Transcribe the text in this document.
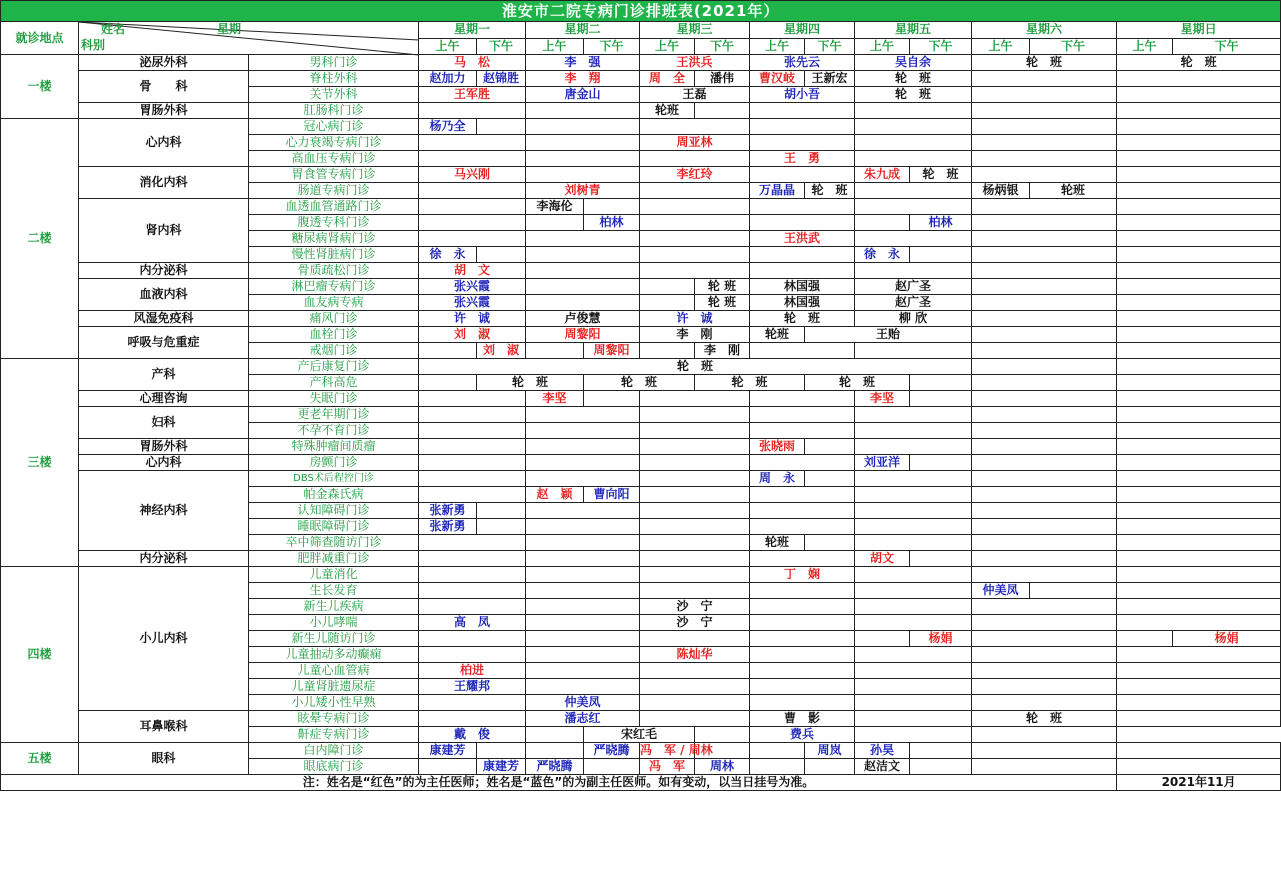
淮安市二院专病门诊排班表(2021年）																
就诊地点	姓名 星期
科别		星期一		星期二		星期三		星期四		星期五		星期六		星期日	
			上午	下午	上午	下午	上午	下午	上午	下午	上午	下午	上午	下午	上午	下午
一楼	泌尿外科	男科门诊	马　松		李　强		王洪兵		张先云		吴自余		轮　班		轮　班	
	骨　　科	脊柱外科	赵加力	赵锦胜	李　翔		周　全	潘伟	曹汉岐	王新宏	轮　班					
		关节外科	王军胜		唐金山		王磊		胡小吾		轮　班					
	胃肠外科	肛肠科门诊					轮班									
二楼	心内科	冠心病门诊	杨乃全													
		心力衰竭专病门诊					周亚林									
		高血压专病门诊							王　勇							
	消化内科	胃食管专病门诊	马兴刚				李红玲				朱九成	轮　班				
		肠道专病门诊			刘树青				万晶晶	轮　班			杨炳银	轮班		
	肾内科	血透血管通路门诊			李海伦											
		腹透专科门诊				柏林						柏林				
		糖尿病肾病门诊							王洪武							
		慢性肾脏病门诊	徐　永								徐　永					
	内分泌科	骨质疏松门诊	胡　文													
	血液内科	淋巴瘤专病门诊	张兴霞					轮 班	林国强		赵广圣					
		血友病专病	张兴霞					轮 班	林国强		赵广圣					
	风湿免疫科	痛风门诊	许　诚		卢俊慧		许　诚		轮　班		柳 欣					
	呼吸与危重症	血栓门诊	刘　淑		周黎阳		李　刚		轮班	王贻						
		戒烟门诊		刘　淑		周黎阳		李　刚								
三楼	产科	产后康复门诊	轮　班													
		产科高危		轮　班		轮　班		轮　班		轮　班						
	心理咨询	失眠门诊			李坚						李坚					
	妇科	更老年期门诊														
		不孕不育门诊														
	胃肠外科	特殊肿瘤间质瘤							张晓雨							
	心内科	房颤门诊									刘亚洋					
	神经内科	DBS术后程控门诊							周　永							
		帕金森氏病			赵　颖	曹向阳										
		认知障碍门诊	张新勇													
		睡眠障碍门诊	张新勇													
		卒中筛查随访门诊							轮班							
	内分泌科	肥胖减重门诊									胡文					
四楼	小儿内科	儿童消化							丁　娴							
		生长发育											仲美凤			
		新生儿疾病					沙　宁									
		小儿哮喘	高　凤				沙　宁									
		新生儿随访门诊										杨娟				杨娟
		儿童抽动多动癫痫					陈灿华									
		儿童心血管病	柏进													
		儿童肾脏遗尿症	王耀邦													
		小儿矮小性早熟			仲美凤											
	耳鼻喉科	眩晕专病门诊			潘志红				曹　影				轮　班			
		鼾症专病门诊	戴　俊			宋红毛			费兵							
五楼	眼科	白内障门诊	康建芳			严晓腾	冯　军 / 周林			周岚	孙昊					
		眼底病门诊		康建芳	严晓腾		冯　军	周林			赵洁文					
注：姓名是“红色”的为主任医师；姓名是“蓝色”的为副主任医师。如有变动，以当日挂号为准。															2021年11月	
